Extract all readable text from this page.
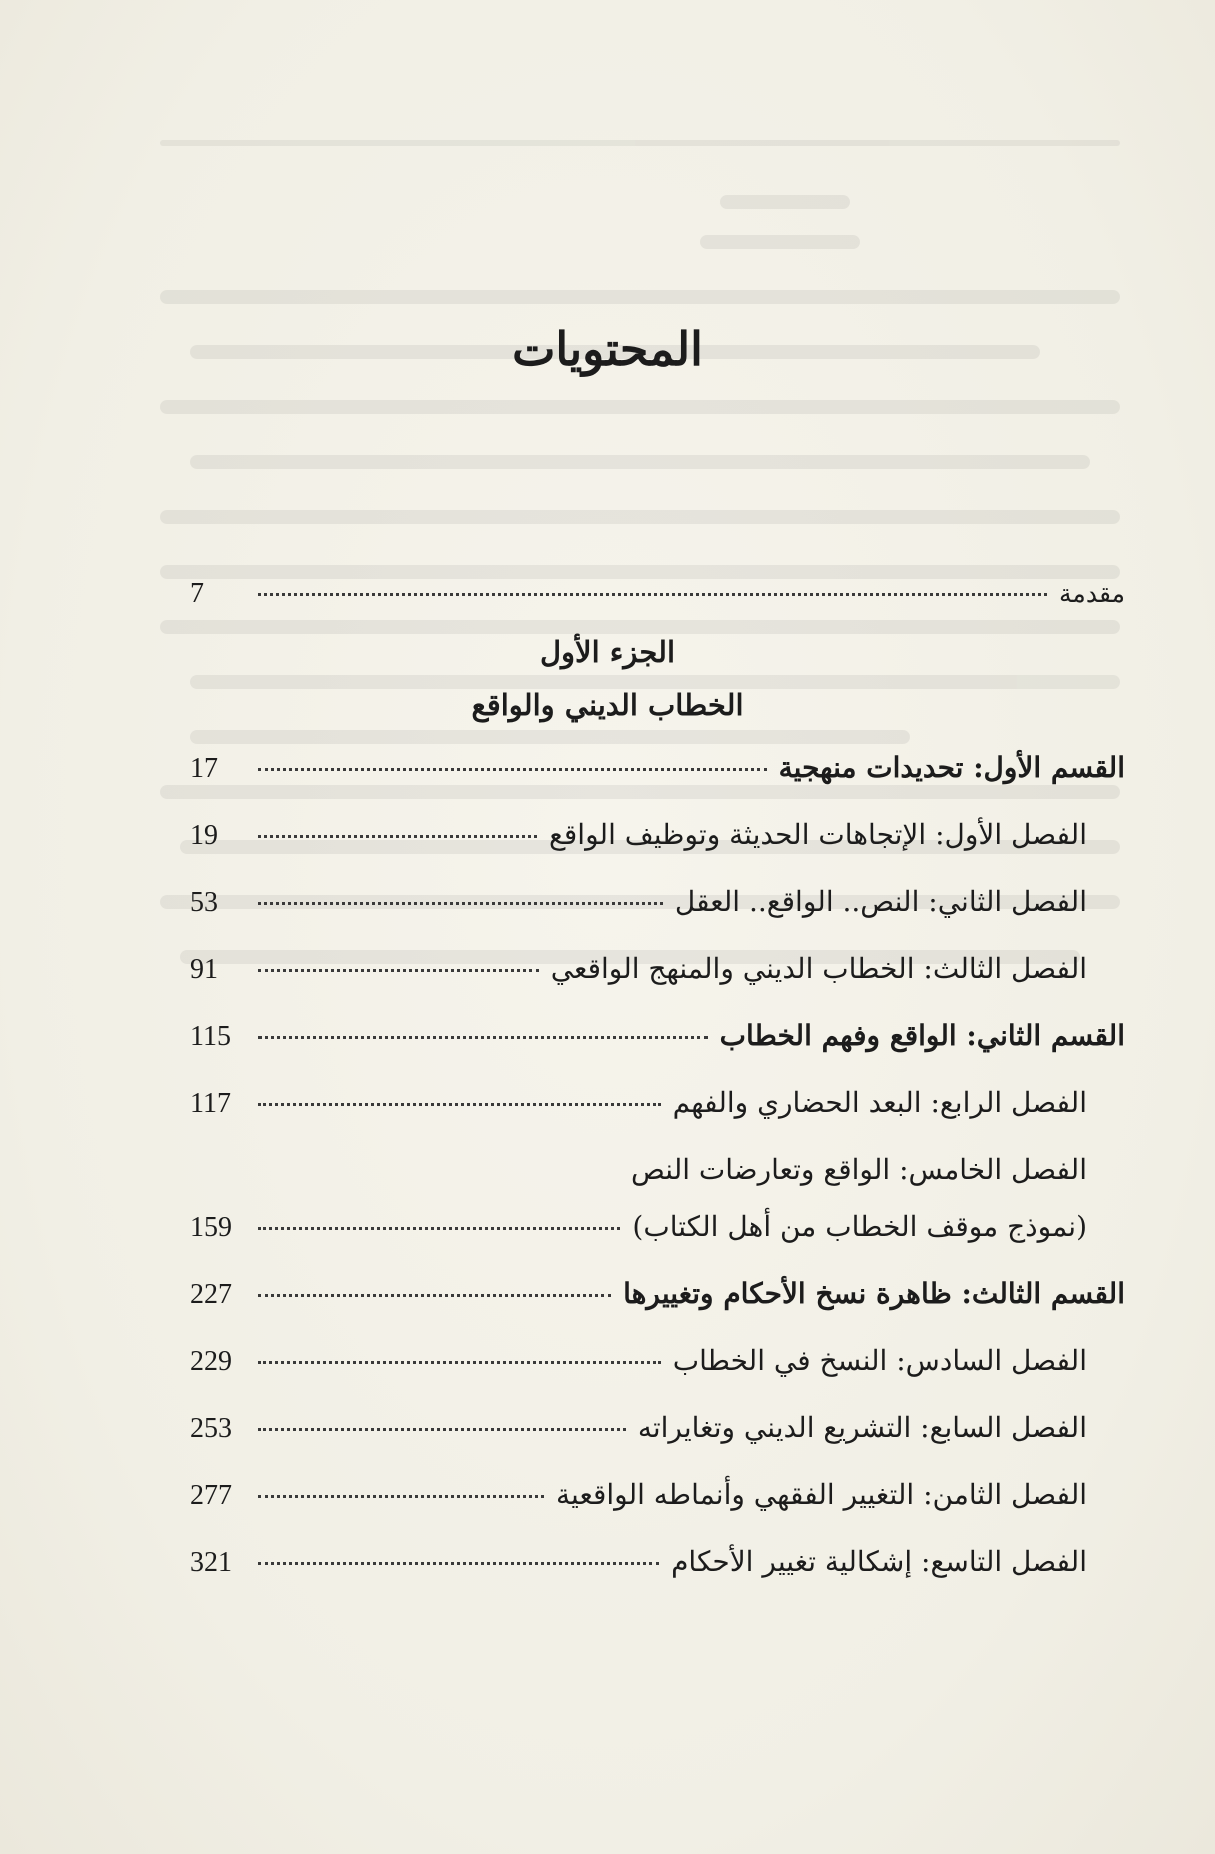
المحتويات
مقدمة
7
الجزء الأول
الخطاب الديني والواقع
القسم الأول: تحديدات منهجية
17
الفصل الأول: الإتجاهات الحديثة وتوظيف الواقع
19
الفصل الثاني: النص.. الواقع.. العقل
53
الفصل الثالث: الخطاب الديني والمنهج الواقعي
91
القسم الثاني: الواقع وفهم الخطاب
115
الفصل الرابع: البعد الحضاري والفهم
117
الفصل الخامس: الواقع وتعارضات النص
(نموذج موقف الخطاب من أهل الكتاب)
159
القسم الثالث: ظاهرة نسخ الأحكام وتغييرها
227
الفصل السادس: النسخ في الخطاب
229
الفصل السابع: التشريع الديني وتغايراته
253
الفصل الثامن: التغيير الفقهي وأنماطه الواقعية
277
الفصل التاسع: إشكالية تغيير الأحكام
321
